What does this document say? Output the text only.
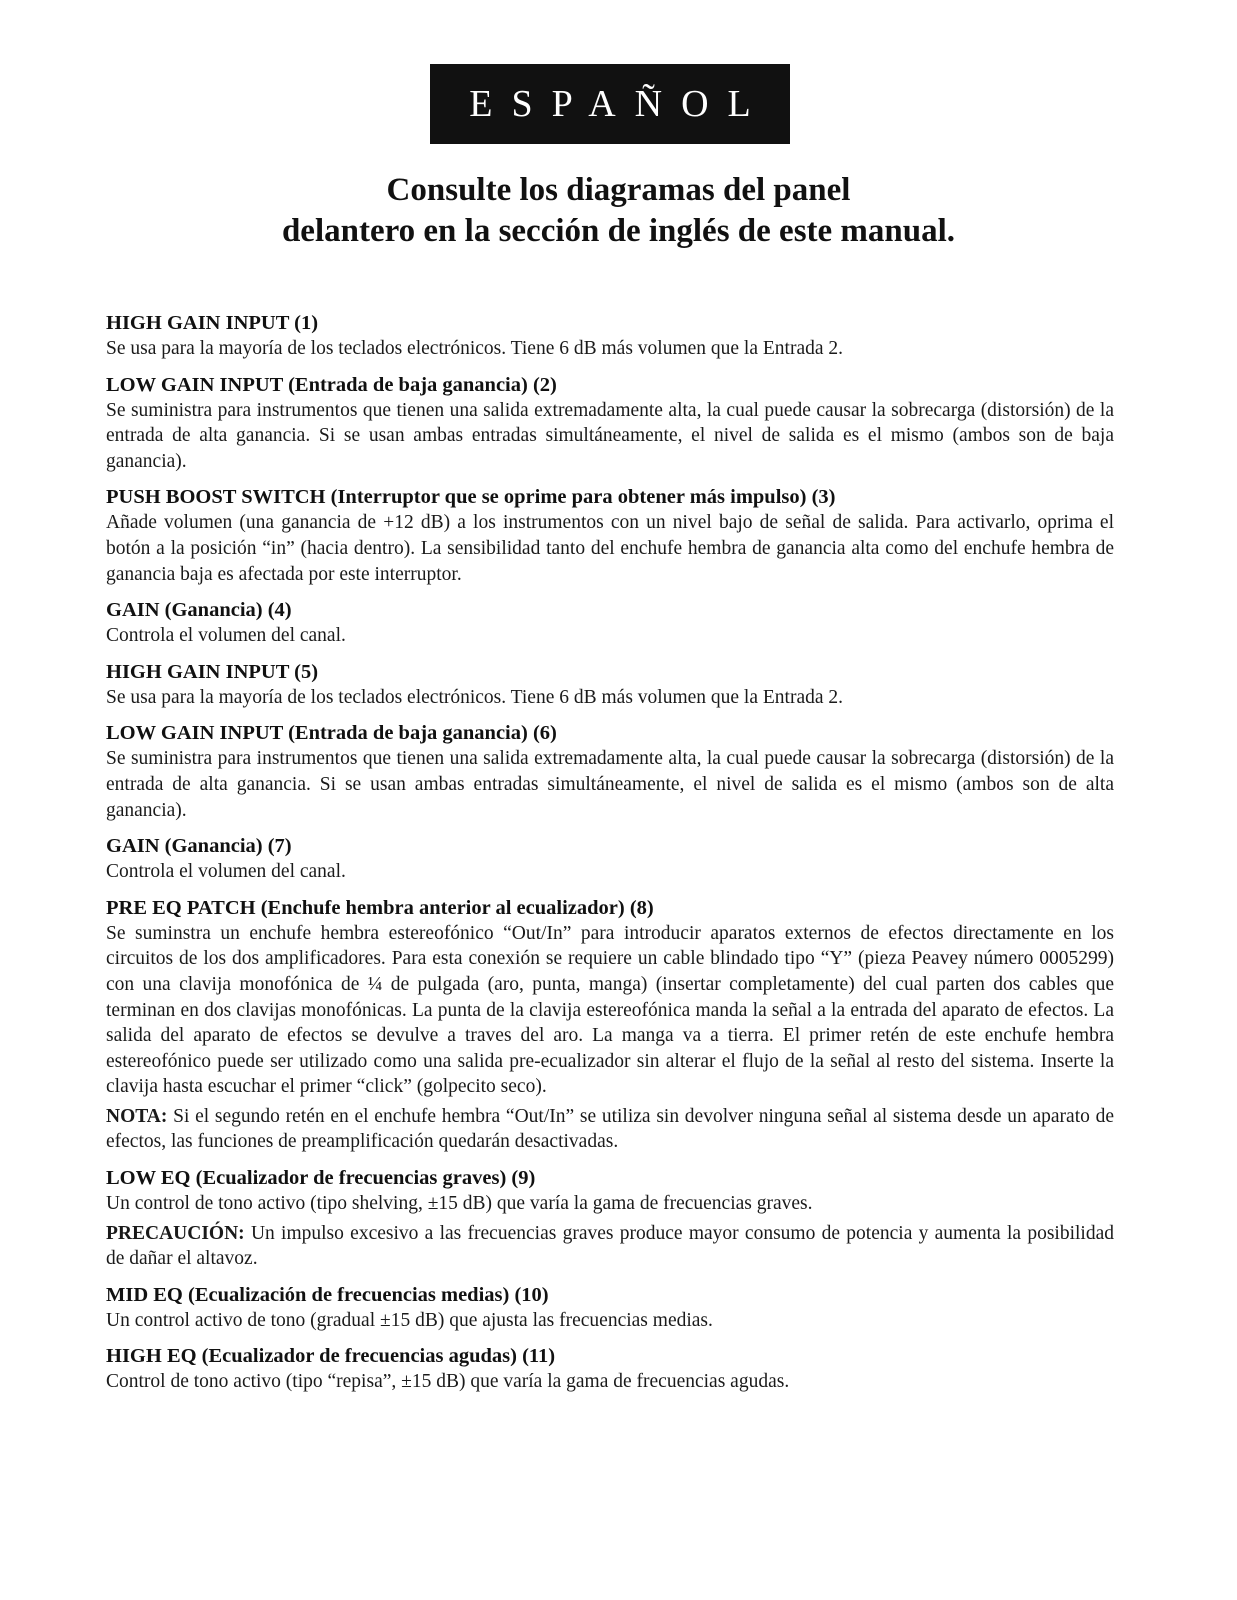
ESPAÑOL
Consulte los diagramas del panel
delantero en la sección de inglés de este manual.
HIGH GAIN INPUT (1)
Se usa para la mayoría de los teclados electrónicos. Tiene 6 dB más volumen que la Entrada 2.
LOW GAIN INPUT (Entrada de baja ganancia) (2)
Se suministra para instrumentos que tienen una salida extremadamente alta, la cual puede causar la sobrecarga (distorsión) de la entrada de alta ganancia. Si se usan ambas entradas simultáneamente, el nivel de salida es el mismo (ambos son de baja ganancia).
PUSH BOOST SWITCH (Interruptor que se oprime para obtener más impulso) (3)
Añade volumen (una ganancia de +12 dB) a los instrumentos con un nivel bajo de señal de salida. Para activarlo, oprima el botón a la posición “in” (hacia dentro). La sensibilidad tanto del enchufe hembra de ganancia alta como del enchufe hembra de ganancia baja es afectada por este interruptor.
GAIN (Ganancia) (4)
Controla el volumen del canal.
HIGH GAIN INPUT (5)
Se usa para la mayoría de los teclados electrónicos. Tiene 6 dB más volumen que la Entrada 2.
LOW GAIN INPUT (Entrada de baja ganancia) (6)
Se suministra para instrumentos que tienen una salida extremadamente alta, la cual puede causar la sobrecarga (distorsión) de la entrada de alta ganancia. Si se usan ambas entradas simultáneamente, el nivel de salida es el mismo (ambos son de alta ganancia).
GAIN (Ganancia) (7)
Controla el volumen del canal.
PRE EQ PATCH (Enchufe hembra anterior al ecualizador) (8)
Se suminstra un enchufe hembra estereofónico “Out/In” para introducir aparatos externos de efectos directamente en los circuitos de los dos amplificadores. Para esta conexión se requiere un cable blindado tipo “Y” (pieza Peavey número 0005299) con una clavija monofónica de ¼ de pulgada (aro, punta, manga) (insertar completamente) del cual parten dos cables que terminan en dos clavijas monofónicas. La punta de la clavija estereofónica manda la señal a la entrada del aparato de efectos. La salida del aparato de efectos se devulve a traves del aro. La manga va a tierra. El primer retén de este enchufe hembra estereofónico puede ser utilizado como una salida pre-ecualizador sin alterar el flujo de la señal al resto del sistema. Inserte la clavija hasta escuchar el primer “click” (golpecito seco).
NOTA: Si el segundo retén en el enchufe hembra “Out/In” se utiliza sin devolver ninguna señal al sistema desde un aparato de efectos, las funciones de preamplificación quedarán desactivadas.
LOW EQ (Ecualizador de frecuencias graves) (9)
Un control de tono activo (tipo shelving, ±15 dB) que varía la gama de frecuencias graves.
PRECAUCIÓN: Un impulso excesivo a las frecuencias graves produce mayor consumo de potencia y aumenta la posibilidad de dañar el altavoz.
MID EQ (Ecualización de frecuencias medias) (10)
Un control activo de tono (gradual ±15 dB) que ajusta las frecuencias medias.
HIGH EQ (Ecualizador de frecuencias agudas) (11)
Control de tono activo (tipo “repisa”, ±15 dB) que varía la gama de frecuencias agudas.
